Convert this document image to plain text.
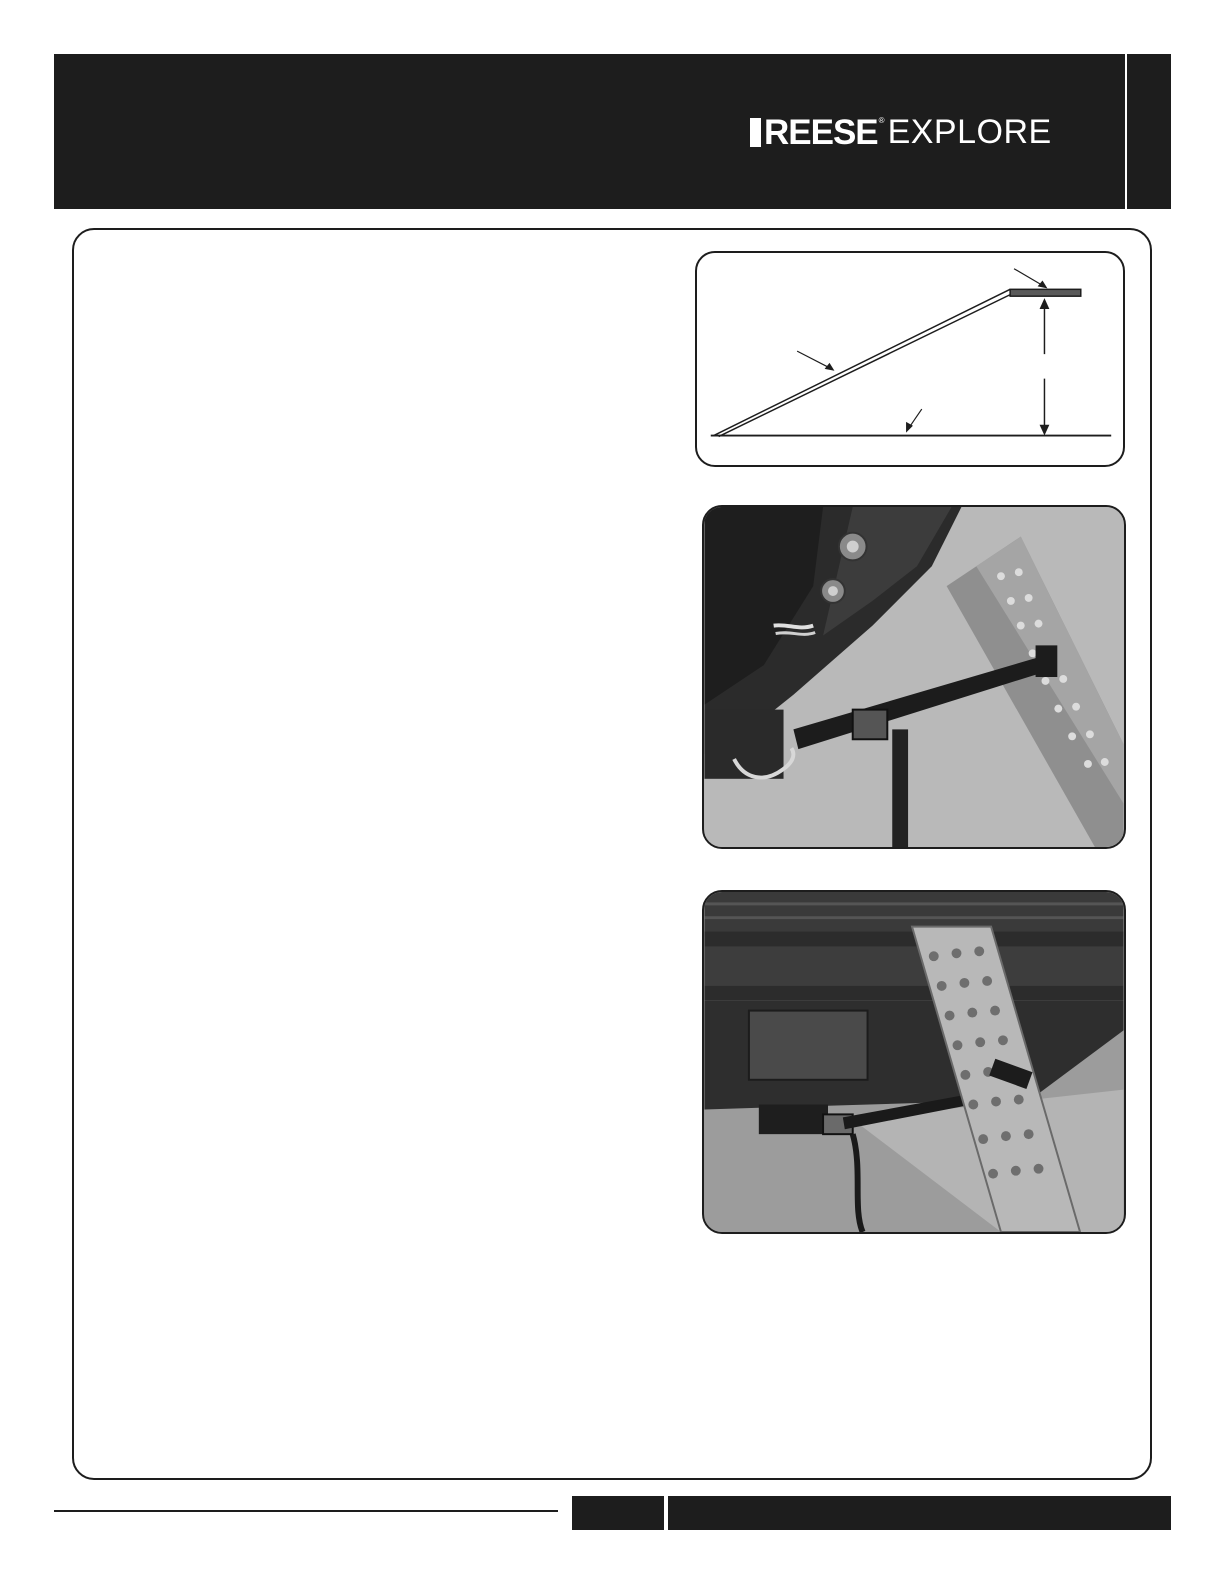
REESE ® EXPLORE
